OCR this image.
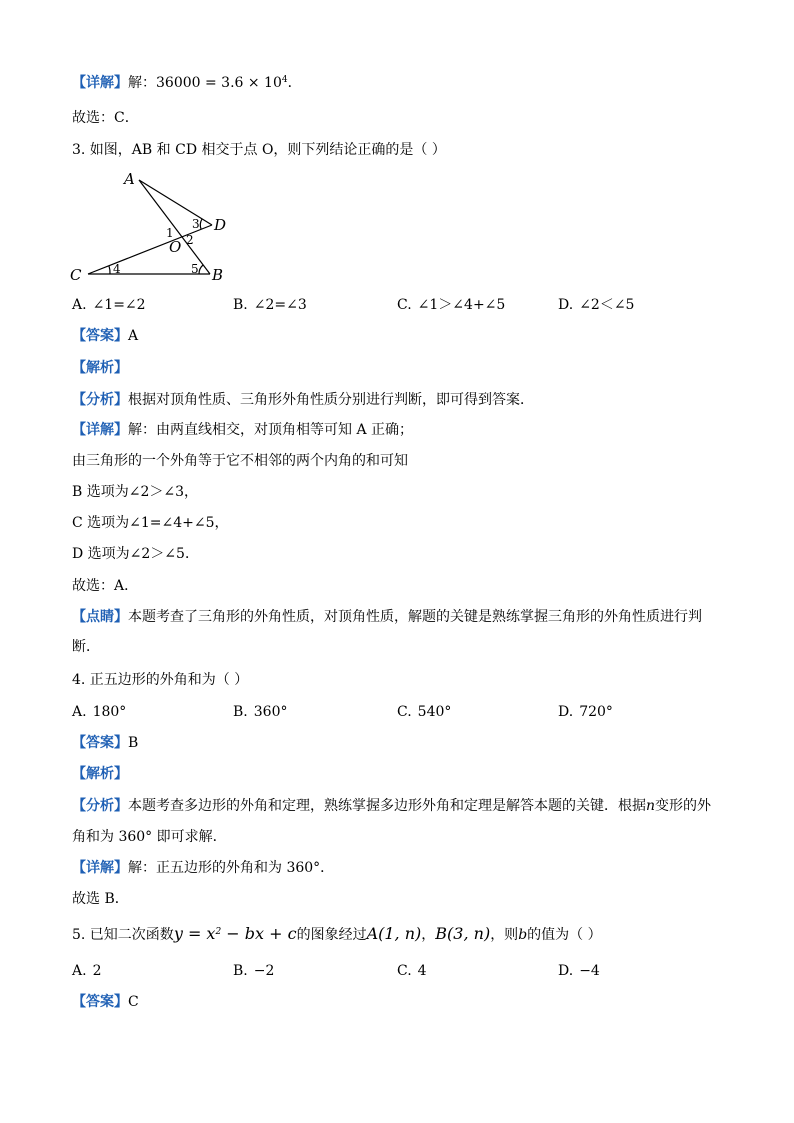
【详解】解：$36000 = 3.6 \times 10^4$．
故选：C．
3. 如图，AB 和 CD 相交于点 O，则下列结论正确的是（ ）
A
B
C
D
O
1 2
3
4	5
A. ∠1=∠2	B. ∠2=∠3	C. ∠1＞∠4+∠5	D. ∠2＜∠5
【答案】A
【解析】
【分析】根据对顶角性质、三角形外角性质分别进行判断，即可得到答案．
【详解】解：由两直线相交，对顶角相等可知 A 正确；
由三角形的一个外角等于它不相邻的两个内角的和可知
B 选项为∠2＞∠3，
C 选项为∠1=∠4+∠5，
D 选项为∠2＞∠5．
故选：A．
【点睛】本题考查了三角形的外角性质，对顶角性质，解题的关键是熟练掌握三角形的外角性质进行判
断．
4. 正五边形的外角和为（ ）
A. 180°	B. 360°	C. 540°	D. 720°
【答案】B
【解析】
【分析】本题考查多边形的外角和定理，熟练掌握多边形外角和定理是解答本题的关键．根据n变形的外
角和为 360° 即可求解．
【详解】解：正五边形的外角和为 360°．
故选 B．
5. 已知二次函数$y = x^2$ − bx + c的图象经过A(1, n)，B(3, n)，则b的值为（ ）
A. 2	B. −2	C. 4	D. −4
【答案】C
